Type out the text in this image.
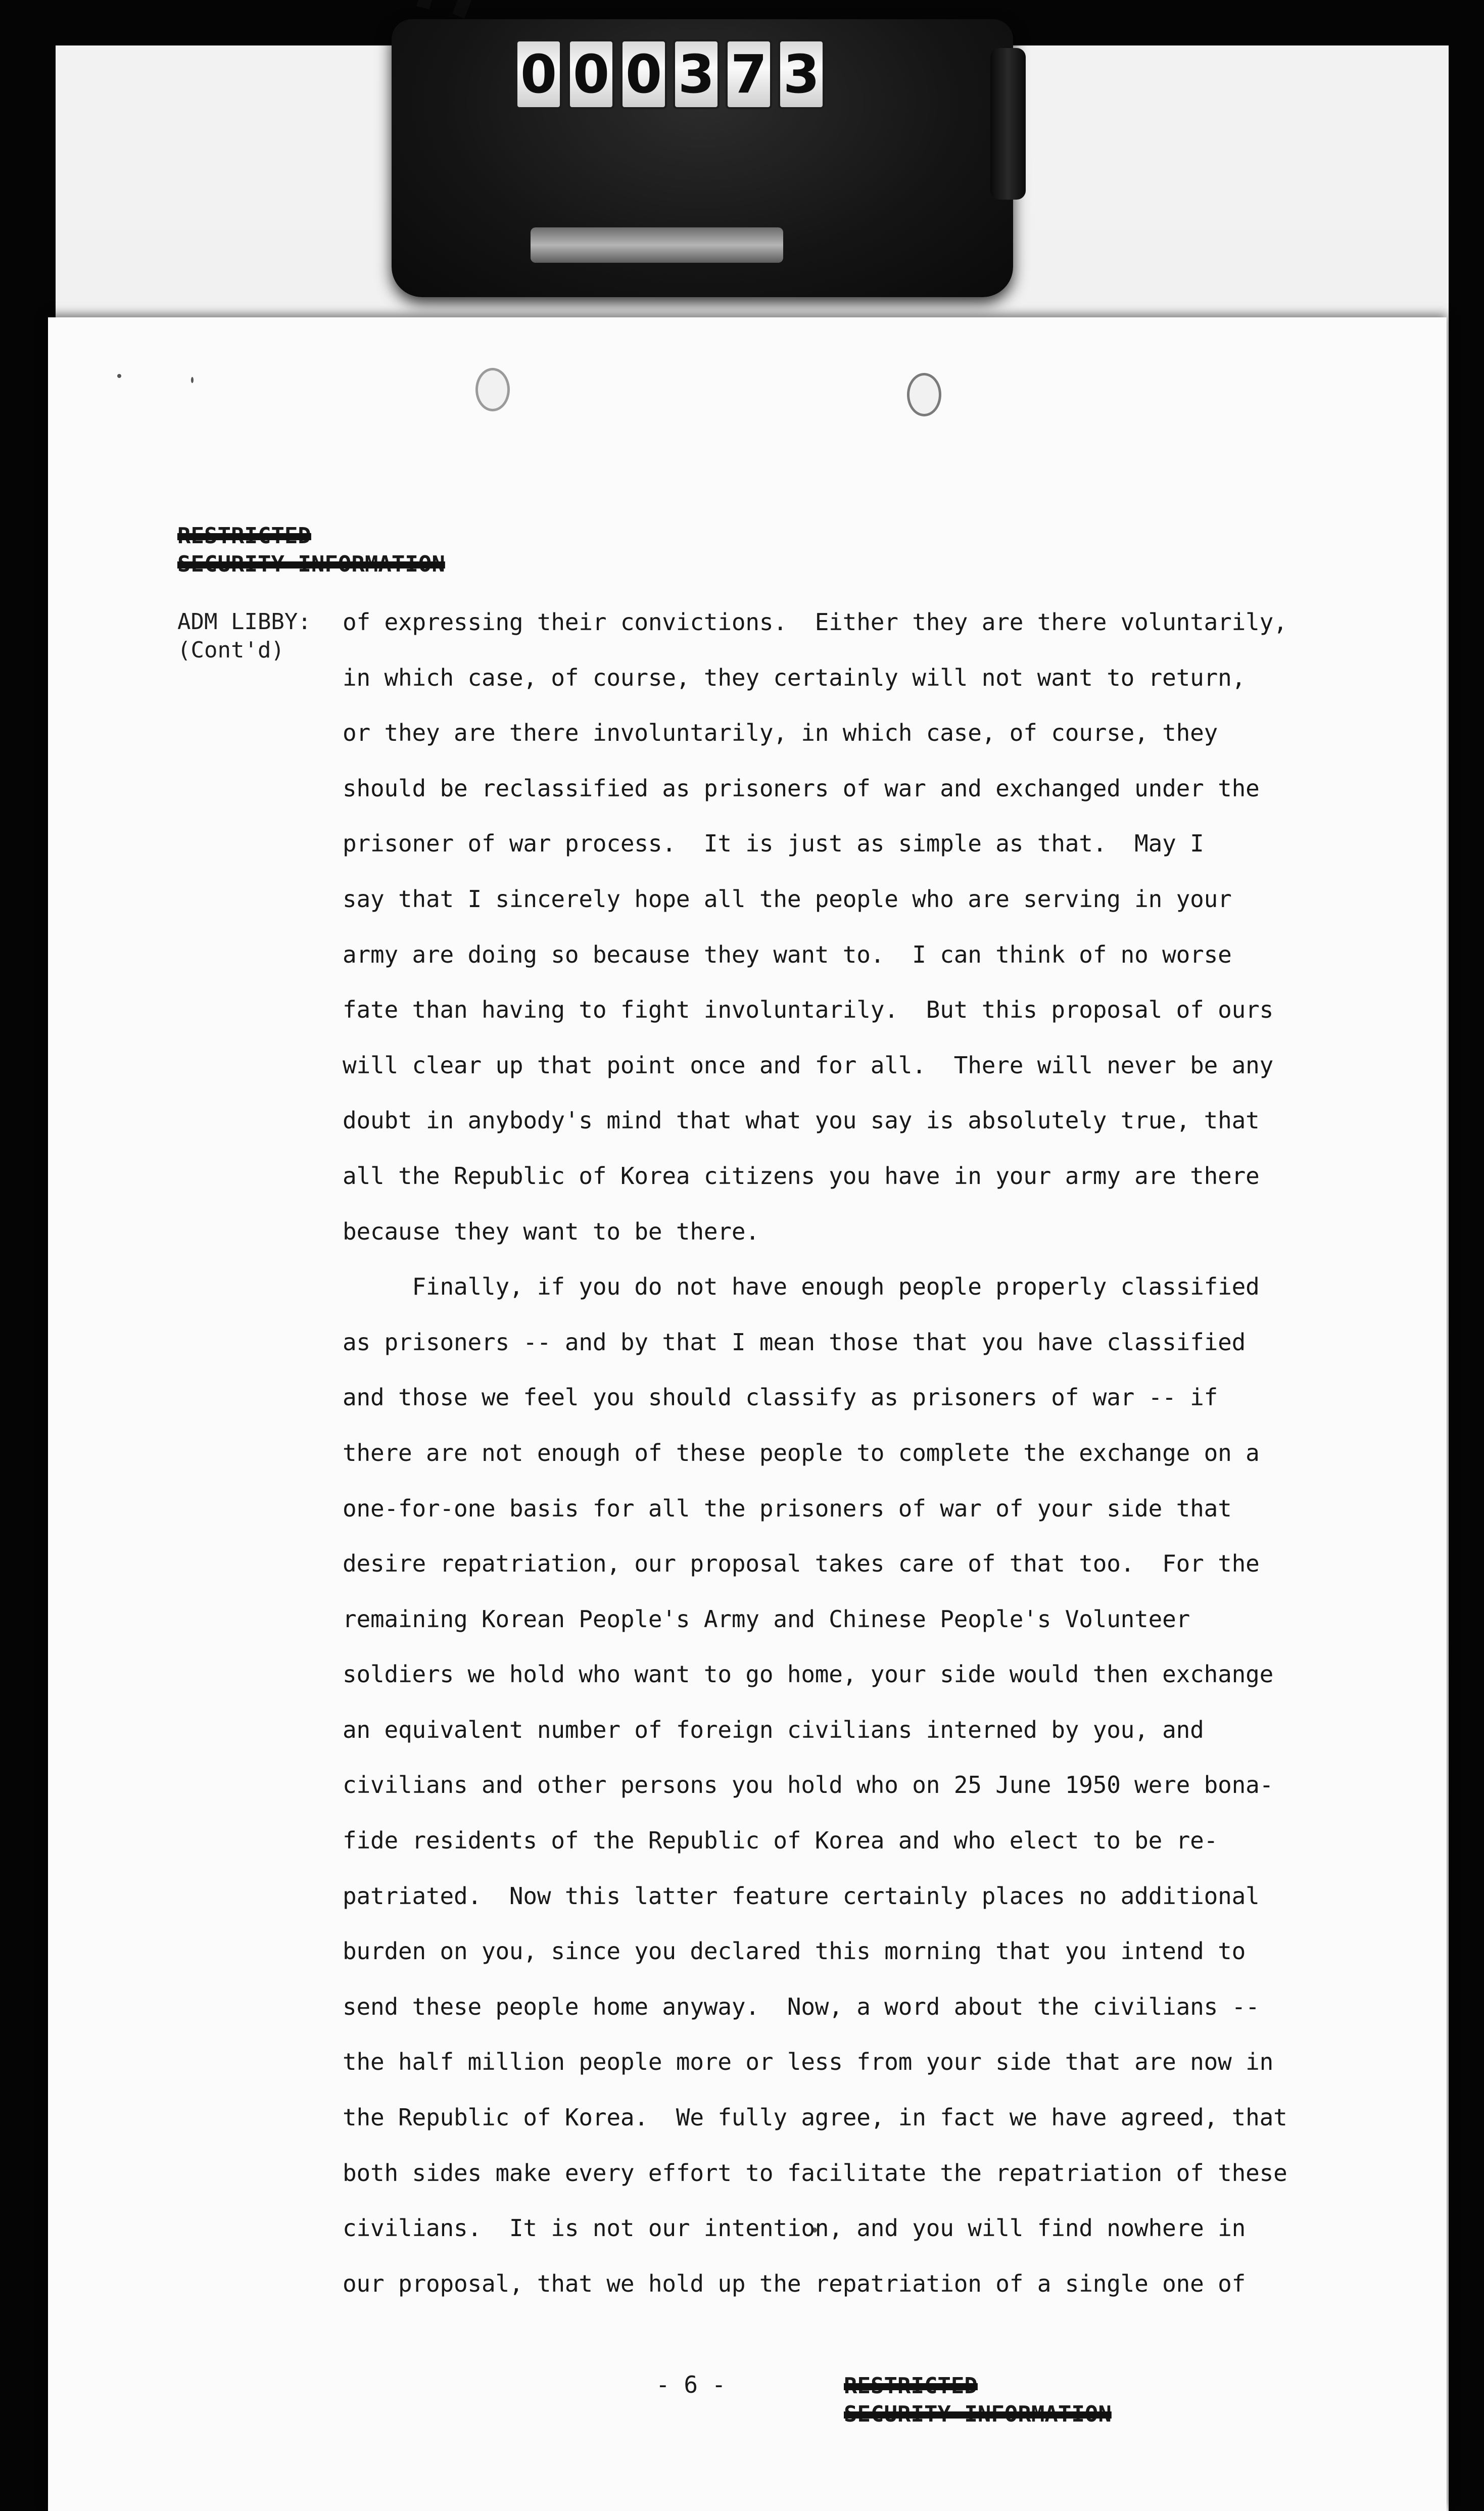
0 0 0 3 7 3
RESTRICTED
SECURITY INFORMATION
ADM LIBBY:
(Cont'd)
of expressing their convictions.  Either they are there voluntarily,
in which case, of course, they certainly will not want to return,
or they are there involuntarily, in which case, of course, they
should be reclassified as prisoners of war and exchanged under the
prisoner of war process.  It is just as simple as that.  May I
say that I sincerely hope all the people who are serving in your
army are doing so because they want to.  I can think of no worse
fate than having to fight involuntarily.  But this proposal of ours
will clear up that point once and for all.  There will never be any
doubt in anybody's mind that what you say is absolutely true, that
all the Republic of Korea citizens you have in your army are there
because they want to be there.
Finally, if you do not have enough people properly classified
as prisoners -- and by that I mean those that you have classified
and those we feel you should classify as prisoners of war -- if
there are not enough of these people to complete the exchange on a
one-for-one basis for all the prisoners of war of your side that
desire repatriation, our proposal takes care of that too.  For the
remaining Korean People's Army and Chinese People's Volunteer
soldiers we hold who want to go home, your side would then exchange
an equivalent number of foreign civilians interned by you, and
civilians and other persons you hold who on 25 June 1950 were bona-
fide residents of the Republic of Korea and who elect to be re-
patriated.  Now this latter feature certainly places no additional
burden on you, since you declared this morning that you intend to
send these people home anyway.  Now, a word about the civilians --
the half million people more or less from your side that are now in
the Republic of Korea.  We fully agree, in fact we have agreed, that
both sides make every effort to facilitate the repatriation of these
civilians.  It is not our intention, and you will find nowhere in
our proposal, that we hold up the repatriation of a single one of
- 6 -	RESTRICTED
SECURITY INFORMATION
